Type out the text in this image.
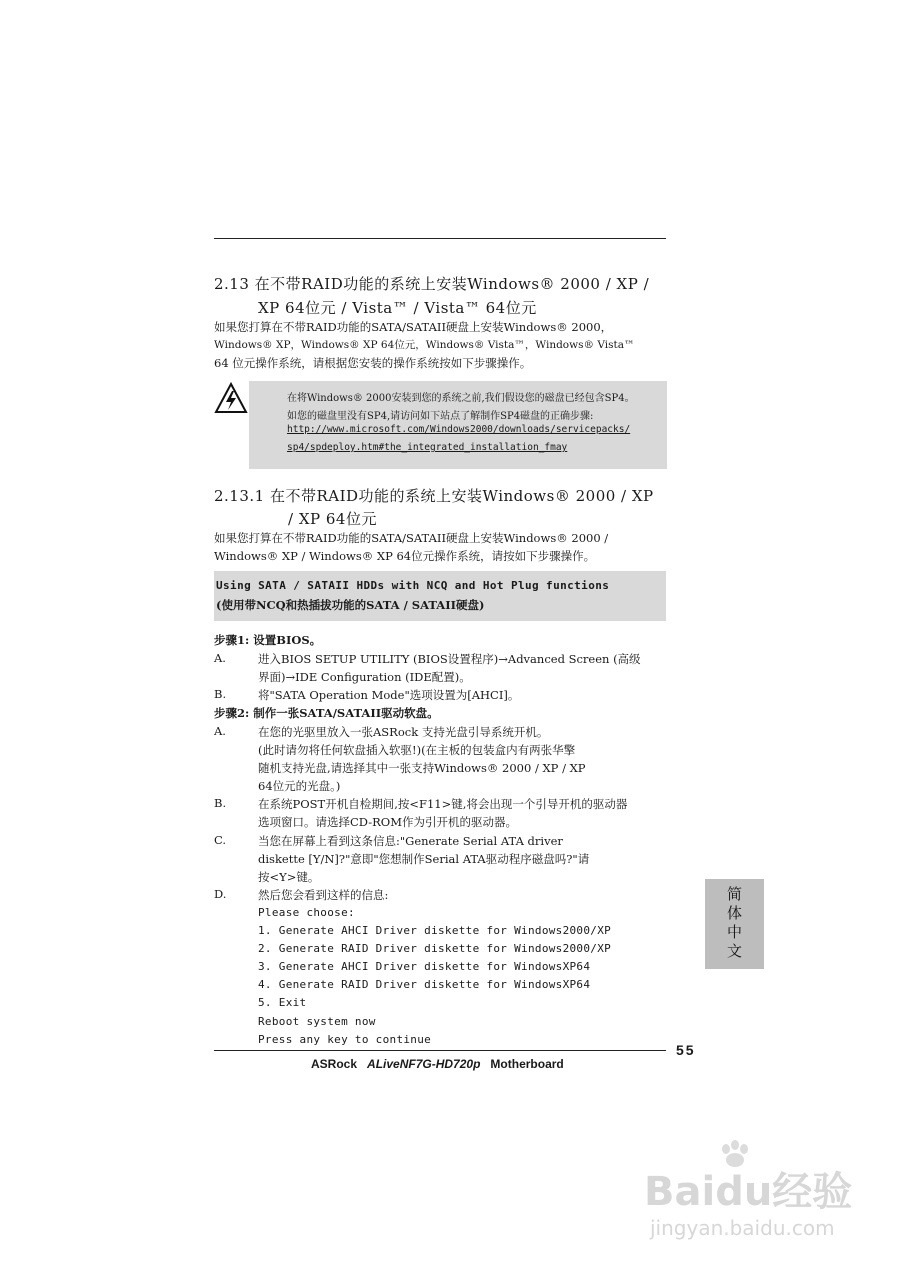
2.13 在不带RAID功能的系统上安装Windows® 2000 / XP /
XP 64位元 / Vista™ / Vista™ 64位元
如果您打算在不带RAID功能的SATA/SATAII硬盘上安装Windows® 2000，
Windows® XP，Windows® XP 64位元，Windows® Vista™，Windows® Vista™
64 位元操作系统，请根据您安装的操作系统按如下步骤操作。
在将Windows® 2000安装到您的系统之前,我们假设您的磁盘已经包含SP4。
如您的磁盘里没有SP4,请访问如下站点了解制作SP4磁盘的正确步骤:
http://www.microsoft.com/Windows2000/downloads/servicepacks/
sp4/spdeploy.htm#the_integrated_installation_fmay
2.13.1 在不带RAID功能的系统上安装Windows® 2000 / XP
/ XP 64位元
如果您打算在不带RAID功能的SATA/SATAII硬盘上安装Windows® 2000 /
Windows® XP / Windows® XP 64位元操作系统，请按如下步骤操作。
Using SATA / SATAII HDDs with NCQ and Hot Plug functions
(使用带NCQ和热插拔功能的SATA / SATAII硬盘)
步骤1: 设置BIOS。
A.	进入BIOS SETUP UTILITY (BIOS设置程序)→Advanced Screen (高级
界面)→IDE Configuration (IDE配置)。
B.	将"SATA Operation Mode"选项设置为[AHCI]。
步骤2: 制作一张SATA/SATAII驱动软盘。
A.	在您的光驱里放入一张ASRock 支持光盘引导系统开机。
(此时请勿将任何软盘插入软驱!)(在主板的包装盒内有两张华擎
随机支持光盘,请选择其中一张支持Windows® 2000 / XP / XP
64位元的光盘。)
B.	在系统POST开机自检期间,按<F11>键,将会出现一个引导开机的驱动器
选项窗口。请选择CD-ROM作为引开机的驱动器。
C.	当您在屏幕上看到这条信息:"Generate Serial ATA driver
diskette [Y/N]?"意即"您想制作Serial ATA驱动程序磁盘吗?"请
按<Y>键。
D.	然后您会看到这样的信息:
Please choose:
1. Generate AHCI Driver diskette for Windows2000/XP
2. Generate RAID Driver diskette for Windows2000/XP
3. Generate AHCI Driver diskette for WindowsXP64
4. Generate RAID Driver diskette for WindowsXP64
5. Exit
Reboot system now
Press any key to continue
简体中文
55
ASRock ALiveNF7G-HD720p Motherboard
Baidu经验
jingyan.baidu.com
